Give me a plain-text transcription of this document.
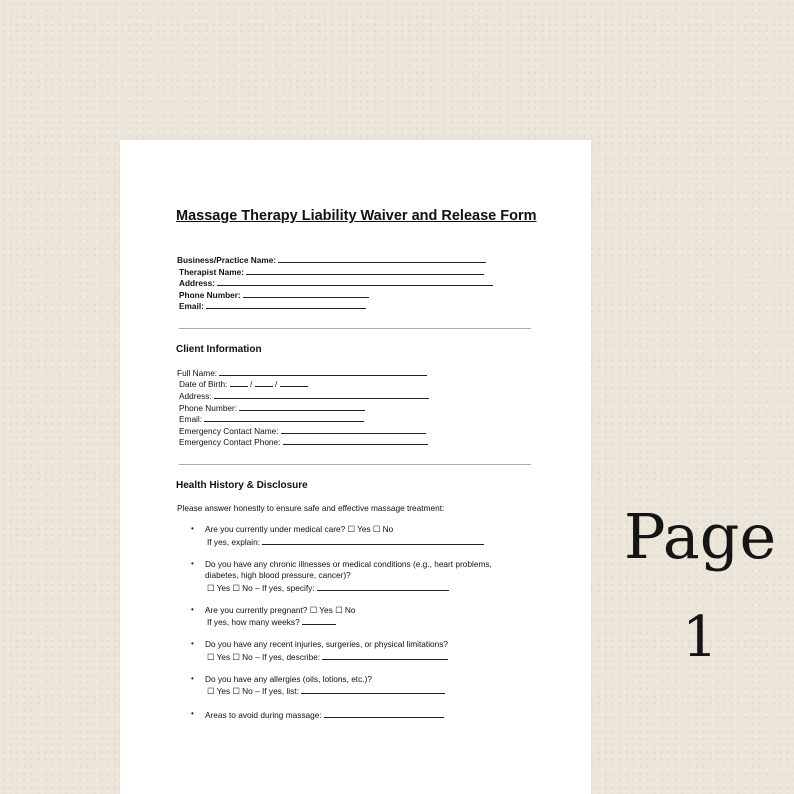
Massage Therapy Liability Waiver and Release Form
Business/Practice Name:
Therapist Name:
Address:
Phone Number:
Email:
Client Information
Full Name:
Date of Birth:	/	/
Address:
Phone Number:
Email:
Emergency Contact Name:
Emergency Contact Phone:
Health History & Disclosure
Please answer honestly to ensure safe and effective massage treatment:
• Are you currently under medical care? ☐ Yes ☐ No
If yes, explain:
• Do you have any chronic illnesses or medical conditions (e.g., heart problems,
diabetes, high blood pressure, cancer)?
☐ Yes ☐ No – If yes, specify:
• Are you currently pregnant? ☐ Yes ☐ No
If yes, how many weeks?
• Do you have any recent injuries, surgeries, or physical limitations?
☐ Yes ☐ No – If yes, describe:
• Do you have any allergies (oils, lotions, etc.)?
☐ Yes ☐ No – If yes, list:
• Areas to avoid during massage:
Page
1
